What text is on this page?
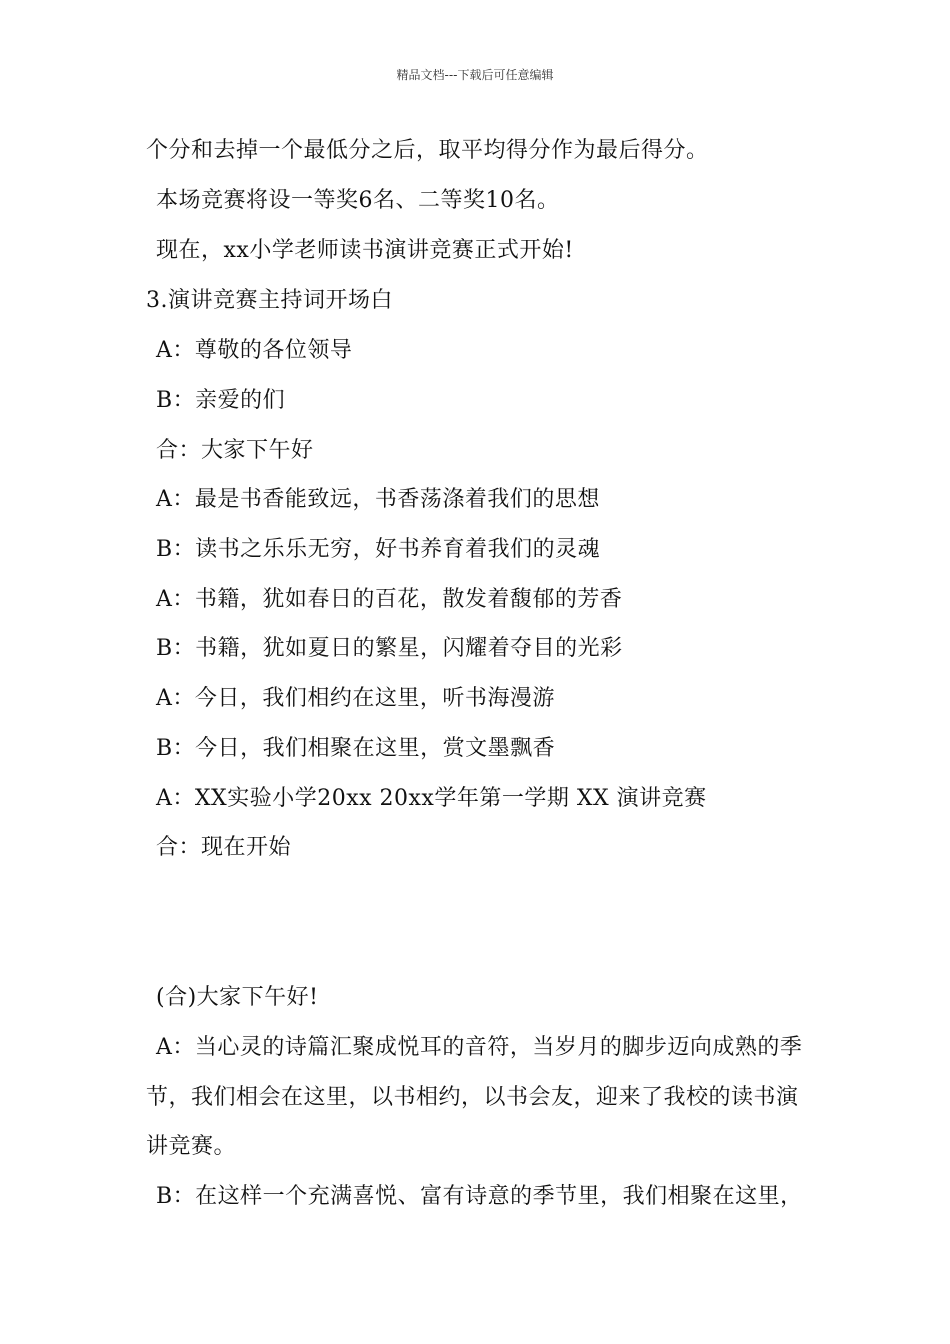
精品文档---下载后可任意编辑
个分和去掉一个最低分之后，取平均得分作为最后得分。
本场竞赛将设一等奖6名、二等奖10名。
现在，xx小学老师读书演讲竞赛正式开始!
3.演讲竞赛主持词开场白
A：尊敬的各位领导
B：亲爱的们
合：大家下午好
A：最是书香能致远，书香荡涤着我们的思想
B：读书之乐乐无穷，好书养育着我们的灵魂
A：书籍，犹如春日的百花，散发着馥郁的芳香
B：书籍，犹如夏日的繁星，闪耀着夺目的光彩
A：今日，我们相约在这里，听书海漫游
B：今日，我们相聚在这里，赏文墨飘香
A：XX实验小学20xx 20xx学年第一学期 XX 演讲竞赛
合：现在开始
(合)大家下午好!
A：当心灵的诗篇汇聚成悦耳的音符，当岁月的脚步迈向成熟的季
节，我们相会在这里，以书相约，以书会友，迎来了我校的读书演
讲竞赛。
B：在这样一个充满喜悦、富有诗意的季节里，我们相聚在这里，
